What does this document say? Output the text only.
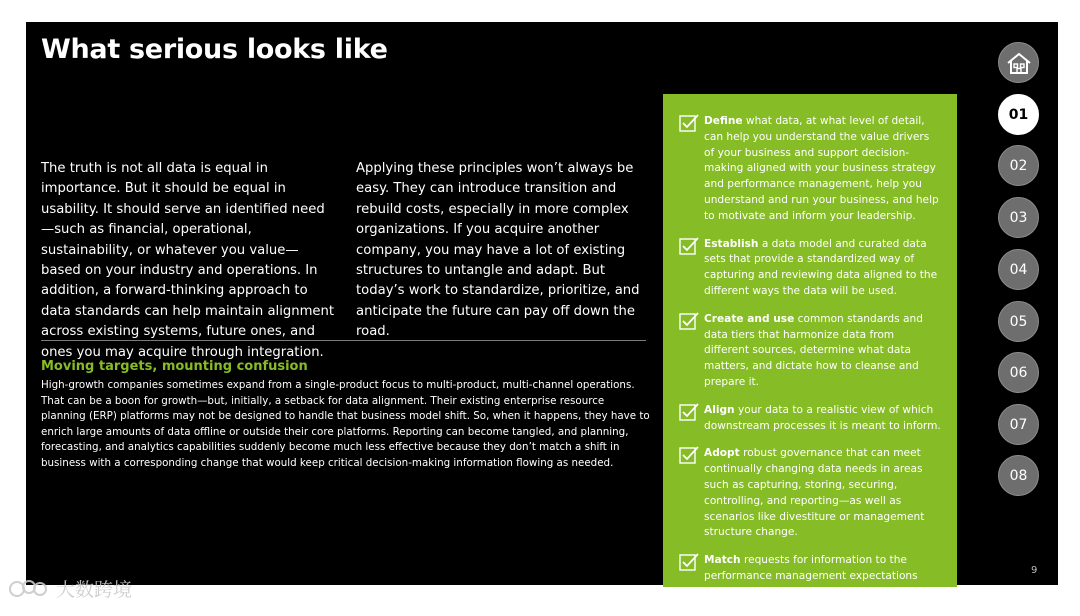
What serious looks like

The truth is not all data is equal in importance. But it should be equal in usability. It should serve an identified need—such as financial, operational, sustainability, or whatever you value—based on your industry and operations. In addition, a forward-thinking approach to data standards can help maintain alignment across existing systems, future ones, and ones you may acquire through integration. Applying these principles won’t always be easy. They can introduce transition and rebuild costs, especially in more complex organizations. If you acquire another company, you may have a lot of existing structures to untangle and adapt. But today’s work to standardize, prioritize, and anticipate the future can pay off down the road.

Moving targets, mounting confusion

High-growth companies sometimes expand from a single-product focus to multi-product, multi-channel operations. That can be a boon for growth—but, initially, a setback for data alignment. Their existing enterprise resource planning (ERP) platforms may not be designed to handle that business model shift. So, when it happens, they have to enrich large amounts of data offline or outside their core platforms. Reporting can become tangled, and planning, forecasting, and analytics capabilities suddenly become much less effective because they don’t match a shift in business with a corresponding change that would keep critical decision-making information flowing as needed.

Define what data, at what level of detail, can help you understand the value drivers of your business and support decision-making aligned with your business strategy and performance management, help you understand and run your business, and help to motivate and inform your leadership.
Establish a data model and curated data sets that provide a standardized way of capturing and reviewing data aligned to the different ways the data will be used.
Create and use common standards and data tiers that harmonize data from different sources, determine what data matters, and dictate how to cleanse and prepare it.
Align your data to a realistic view of which downstream processes it is meant to inform.
Adopt robust governance that can meet continually changing data needs in areas such as capturing, storing, securing, controlling, and reporting—as well as scenarios like divestiture or management structure change.
Match requests for information to the performance management expectations that data is meant to support—no more, no less.
01
02
03
04
05
06
07
08
9
大数跨境
